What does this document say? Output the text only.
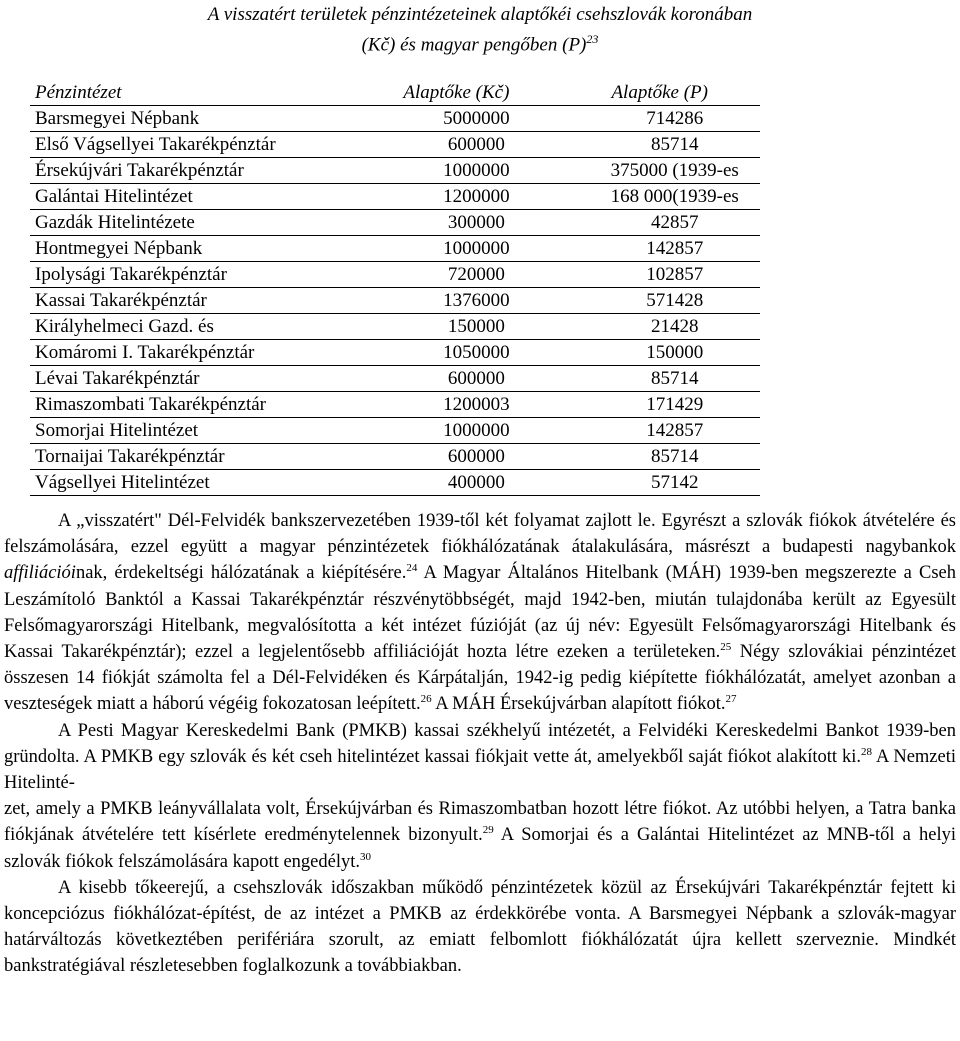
A visszatért területek pénzintézeteinek alaptőkéi csehszlovák koronában
(Kč) és magyar pengőben $(P)^{23}$
Pénzintézet	Alaptőke (Kč)	Alaptőke (P)
Barsmegyei Népbank	5000000	714286
Első Vágsellyei Takarékpénztár	600000	85714
Érsekújvári Takarékpénztár	1000000	375000 (1939-es
Galántai Hitelintézet	1200000	168 000(1939-es
Gazdák Hitelintézete	300000	42857
Hontmegyei Népbank	1000000	142857
Ipolysági Takarékpénztár	720000	102857
Kassai Takarékpénztár	1376000	571428
Királyhelmeci Gazd. és	150000	21428
Komáromi I. Takarékpénztár	1050000	150000
Lévai Takarékpénztár	600000	85714
Rimaszombati Takarékpénztár	1200003	171429
Somorjai Hitelintézet	1000000	142857
Tornaijai Takarékpénztár	600000	85714
Vágsellyei Hitelintézet	400000	57142

A „visszatért" Dél-Felvidék bankszervezetében 1939-től két folyamat zajlott le. Egyrészt a szlovák fiókok átvételére és felszámolására, ezzel együtt a magyar pénzintézetek fiókhálózatának átalakulására, másrészt a budapesti nagybankok affiliációinak, érdekeltségi hálózatának a kiépítésére.$^{24}$ A Magyar Általános Hitelbank (MÁH) 1939-ben megszerezte a Cseh Leszámítoló Banktól a Kassai Takarékpénztár részvénytöbbségét, majd 1942-ben, miután tulajdonába került az Egyesült Felsőmagyarországi Hitelbank, megvalósította a két intézet fúzióját (az új név: Egyesült Felsőmagyarországi Hitelbank és Kassai Takarékpénztár); ezzel a legjelentősebb affiliációját hozta létre ezeken a területeken.$^{25}$ Négy szlovákiai pénzintézet összesen 14 fiókját számolta fel a Dél-Felvidéken és Kárpátalján, 1942-ig pedig kiépítette fiókhálózatát, amelyet azonban a veszteségek miatt a háború végéig fokozatosan leépített.$^{26}$ A MÁH Érsekújvárban alapított fiókot.$^{27}$

A Pesti Magyar Kereskedelmi Bank (PMKB) kassai székhelyű intézetét, a Felvidéki Kereskedelmi Bankot 1939-ben gründolta. A PMKB egy szlovák és két cseh hitelintézet kassai fiókjait vette át, amelyekből saját fiókot alakított ki.$^{28}$ A Nemzeti Hitelinté-

zet, amely a PMKB leányvállalata volt, Érsekújvárban és Rimaszombatban hozott létre fiókot. Az utóbbi helyen, a Tatra banka fiókjának átvételére tett kísérlete eredménytelennek bizonyult.$^{29}$ A Somorjai és a Galántai Hitelintézet az MNB-től a helyi szlovák fiókok felszámolására kapott engedélyt.$^{30}$

A kisebb tőkeerejű, a csehszlovák időszakban működő pénzintézetek közül az Érsekújvári Takarékpénztár fejtett ki koncepciózus fiókhálózat-építést, de az intézet a PMKB az érdekkörébe vonta. A Barsmegyei Népbank a szlovák-magyar határváltozás következtében perifériára szorult, az emiatt felbomlott fiókhálózatát újra kellett szerveznie. Mindkét bankstratégiával részletesebben foglalkozunk a továbbiakban.
